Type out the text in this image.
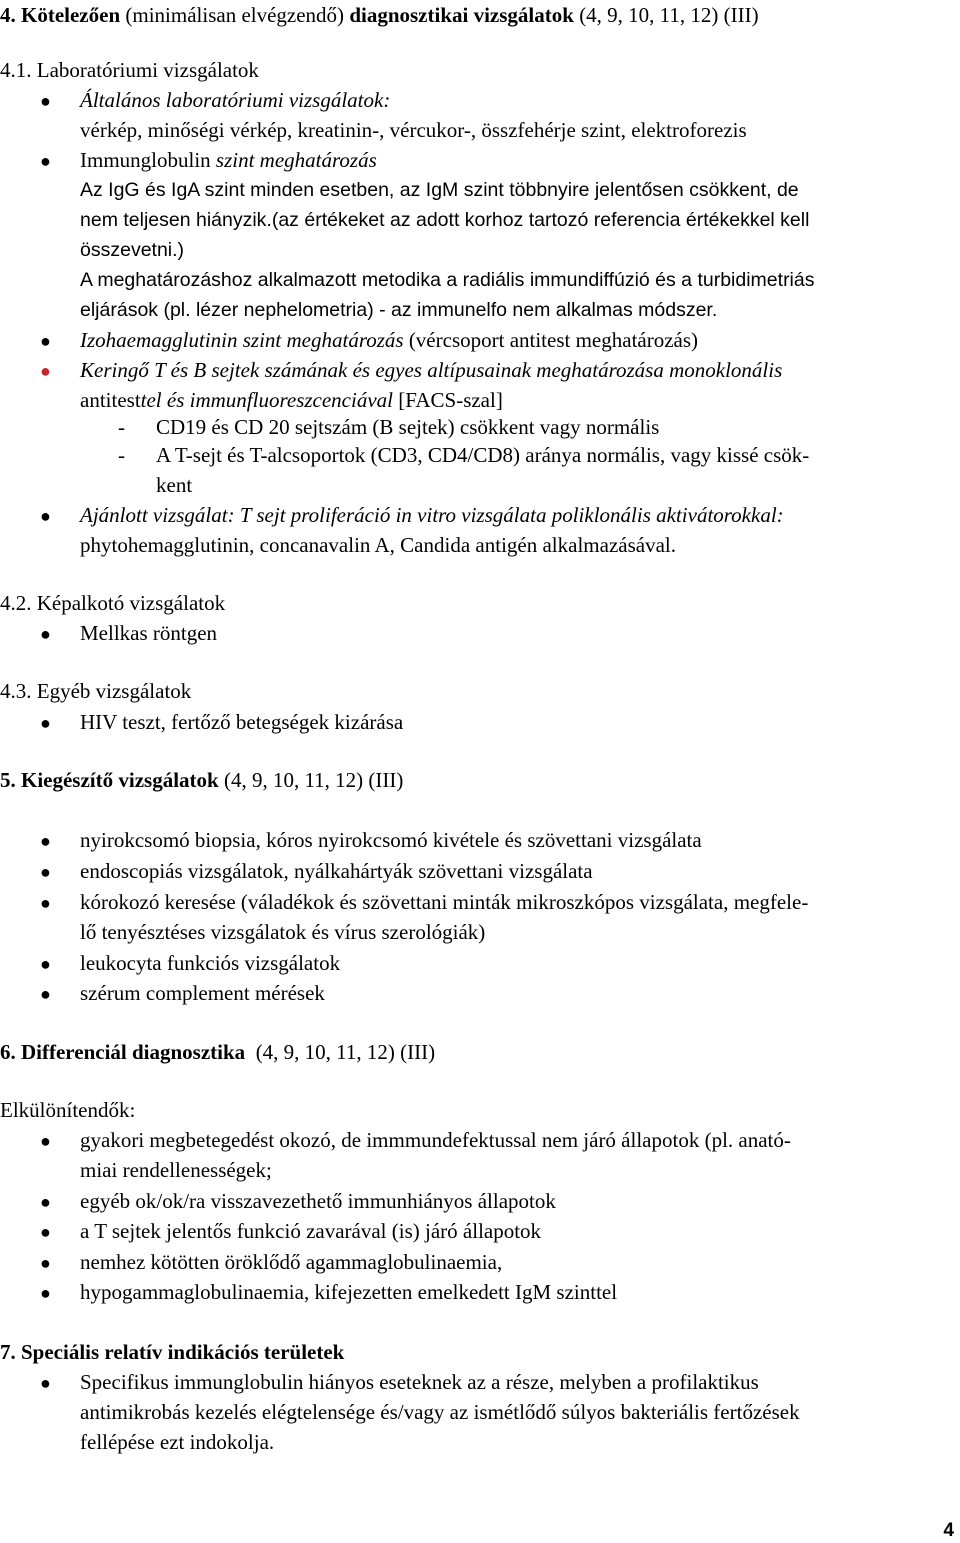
4. Kötelezően (minimálisan elvégzendő) diagnosztikai vizsgálatok (4, 9, 10, 11, 12) (III)
4.1. Laboratóriumi vizsgálatok
● Általános laboratóriumi vizsgálatok:
vérkép, minőségi vérkép, kreatinin-, vércukor-, összfehérje szint, elektroforezis
● Immunglobulin szint meghatározás
Az IgG és IgA szint minden esetben, az IgM szint többnyire jelentősen csökkent, de
nem teljesen hiányzik.(az értékeket az adott korhoz tartozó referencia értékekkel kell
összevetni.)
A meghatározáshoz alkalmazott metodika a radiális immundiffúzió és a turbidimetriás
eljárások (pl. lézer nephelometria) - az immunelfo nem alkalmas módszer.
● Izohaemagglutinin szint meghatározás (vércsoport antitest meghatározás)
● Keringő T és B sejtek számának és egyes altípusainak meghatározása monoklonális
antitesttel és immunfluoreszcenciával [FACS-szal]
- CD19 és CD 20 sejtszám (B sejtek) csökkent vagy normális
- A T-sejt és T-alcsoportok (CD3, CD4/CD8) aránya normális, vagy kissé csök-
kent
● Ajánlott vizsgálat: T sejt proliferáció in vitro vizsgálata poliklonális aktivátorokkal:
phytohemagglutinin, concanavalin A, Candida antigén alkalmazásával.
4.2. Képalkotó vizsgálatok
● Mellkas röntgen
4.3. Egyéb vizsgálatok
● HIV teszt, fertőző betegségek kizárása
5. Kiegészítő vizsgálatok (4, 9, 10, 11, 12) (III)
● nyirokcsomó biopsia, kóros nyirokcsomó kivétele és szövettani vizsgálata
● endoscopiás vizsgálatok, nyálkahártyák szövettani vizsgálata
● kórokozó keresése (váladékok és szövettani minták mikroszkópos vizsgálata, megfele-
lő tenyésztéses vizsgálatok és vírus szerológiák)
● leukocyta funkciós vizsgálatok
● szérum complement mérések
6. Differenciál diagnosztika  (4, 9, 10, 11, 12) (III)
Elkülönítendők:
● gyakori megbetegedést okozó, de immmundefektussal nem járó állapotok (pl. anató-
miai rendellenességek;
● egyéb ok/ok/ra visszavezethető immunhiányos állapotok
● a T sejtek jelentős funkció zavarával (is) járó állapotok
● nemhez kötötten öröklődő agammaglobulinaemia,
● hypogammaglobulinaemia, kifejezetten emelkedett IgM szinttel
7. Speciális relatív indikációs területek
● Specifikus immunglobulin hiányos eseteknek az a része, melyben a profilaktikus
antimikrobás kezelés elégtelensége és/vagy az ismétlődő súlyos bakteriális fertőzések
fellépése ezt indokolja.
4
